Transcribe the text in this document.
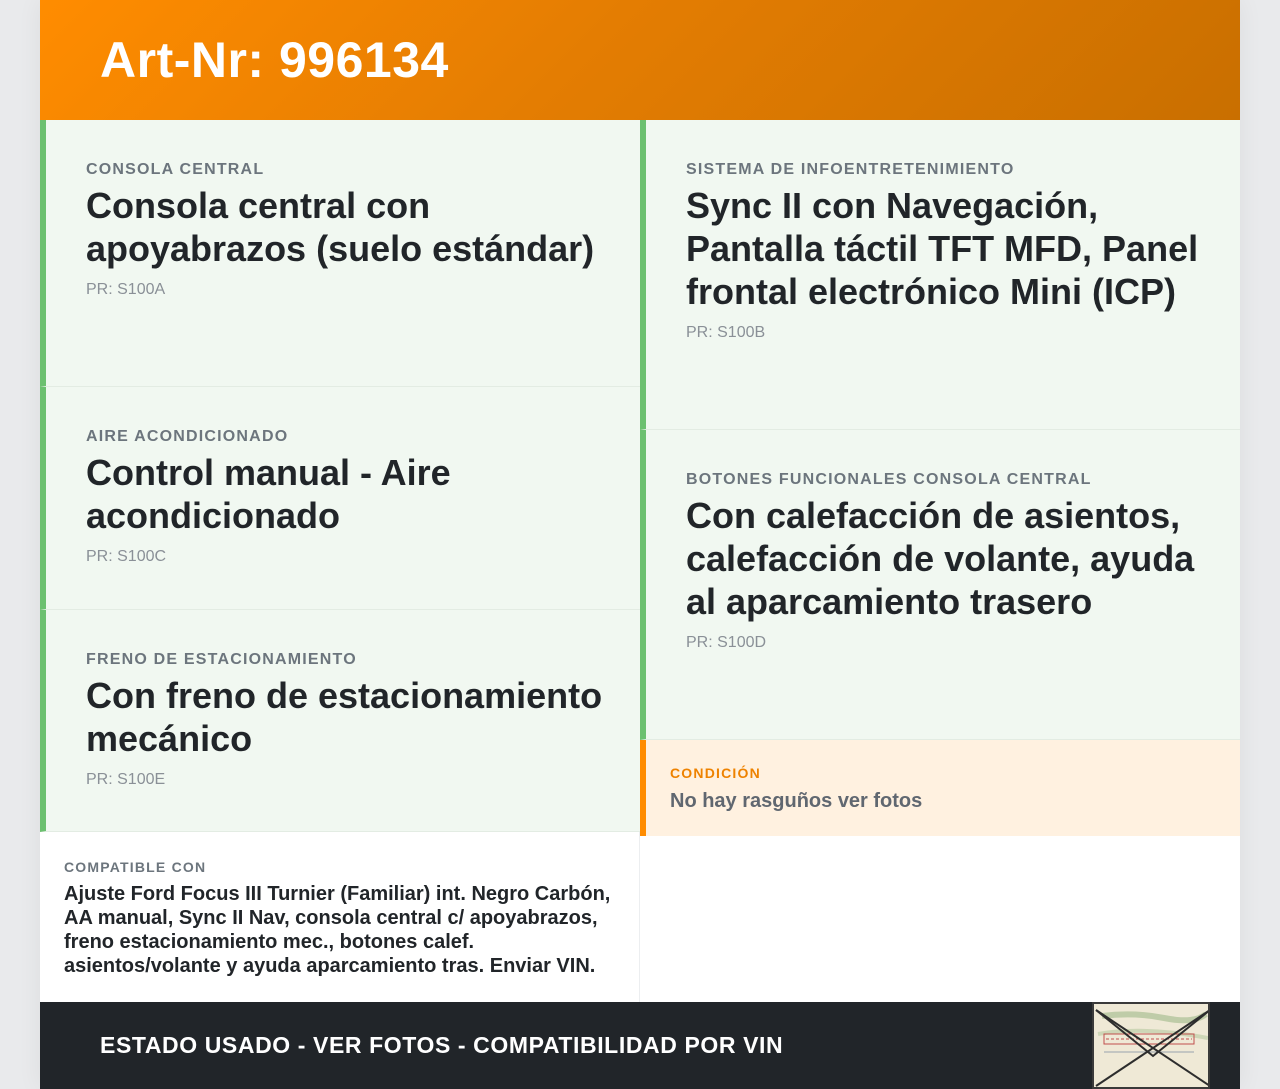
Art-Nr: 996134
CONSOLA CENTRAL
Consola central con apoyabrazos (suelo estándar)
PR: S100A
AIRE ACONDICIONADO
Control manual - Aire acondicionado
PR: S100C
FRENO DE ESTACIONAMIENTO
Con freno de estacionamiento mecánico
PR: S100E
COMPATIBLE CON
Ajuste Ford Focus III Turnier (Familiar) int. Negro Carbón, AA manual, Sync II Nav, consola central c/ apoyabrazos, freno estacionamiento mec., botones calef. asientos/volante y ayuda aparcamiento tras. Enviar VIN.
SISTEMA DE INFOENTRETENIMIENTO
Sync II con Navegación, Pantalla táctil TFT MFD, Panel frontal electrónico Mini (ICP)
PR: S100B
BOTONES FUNCIONALES CONSOLA CENTRAL
Con calefacción de asientos, calefacción de volante, ayuda al aparcamiento trasero
PR: S100D
CONDICIÓN
No hay rasguños ver fotos
ESTADO USADO - VER FOTOS - COMPATIBILIDAD POR VIN
